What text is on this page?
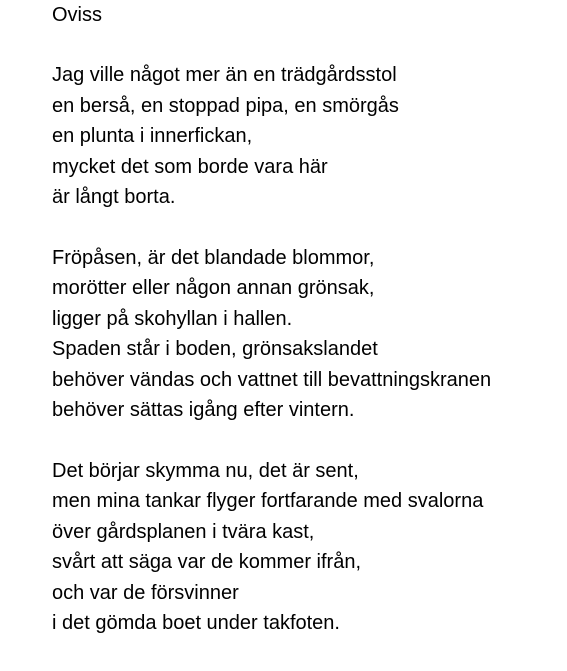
Oviss
Jag ville något mer än en trädgårdsstol
en berså, en stoppad pipa, en smörgås
en plunta i innerfickan,
mycket det som borde vara här
är långt borta.
Fröpåsen, är det blandade blommor,
morötter eller någon annan grönsak,
ligger på skohyllan i hallen.
Spaden står i boden, grönsakslandet
behöver vändas och vattnet till bevattningskranen
behöver sättas igång efter vintern.
Det börjar skymma nu, det är sent,
men mina tankar flyger fortfarande med svalorna
över gårdsplanen i tvära kast,
svårt att säga var de kommer ifrån,
och var de försvinner
i det gömda boet under takfoten.
